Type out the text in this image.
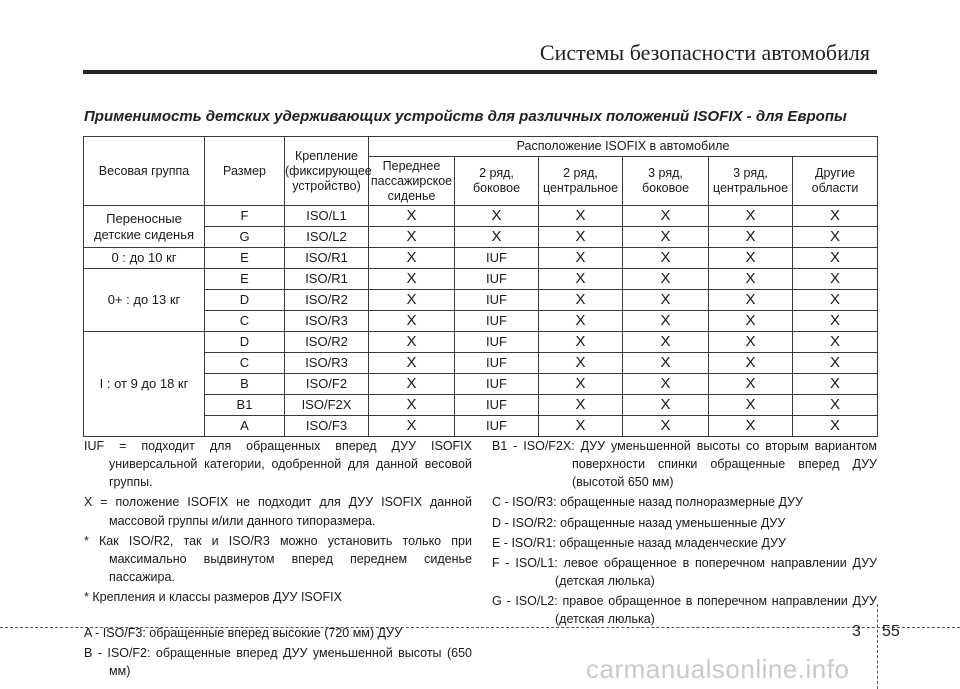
Системы безопасности автомобиля
Применимость детских удерживающих устройств для различных положений ISOFIX - для Европы
Весовая группа	Размер	Крепление (фиксирующее устройство)	Расположение ISOFIX в автомобиле					
			Переднее пассажирское сиденье	2 ряд, боковое	2 ряд, центральное	3 ряд, боковое	3 ряд, центральное	Другие области
Переносные детские сиденья	F	ISO/L1	X	X	X	X	X	X
	G	ISO/L2	X	X	X	X	X	X
0 : до 10 кг	E	ISO/R1	X	IUF	X	X	X	X
0+ : до 13 кг	E	ISO/R1	X	IUF	X	X	X	X
	D	ISO/R2	X	IUF	X	X	X	X
	C	ISO/R3	X	IUF	X	X	X	X
I : от 9 до 18 кг	D	ISO/R2	X	IUF	X	X	X	X
	C	ISO/R3	X	IUF	X	X	X	X
	B	ISO/F2	X	IUF	X	X	X	X
	B1	ISO/F2X	X	IUF	X	X	X	X
	A	ISO/F3	X	IUF	X	X	X	X

IUF = подходит для обращенных вперед ДУУ ISOFIX универсальной категории, одобренной для данной весовой группы.

X = положение ISOFIX не подходит для ДУУ ISOFIX данной массовой группы и/или данного типоразмера.

* Как ISO/R2, так и ISO/R3 можно установить только при максимально выдвинутом вперед переднем сиденье пассажира.

* Крепления и классы размеров ДУУ ISOFIX

A - ISO/F3: обращенные вперед высокие (720 мм) ДУУ

B - ISO/F2: обращенные вперед ДУУ уменьшенной высоты (650 мм)

B1 - ISO/F2X: ДУУ уменьшенной высоты со вторым вариантом поверхности спинки обращенные вперед ДУУ (высотой 650 мм)

C - ISO/R3: обращенные назад полноразмерные ДУУ

D - ISO/R2: обращенные назад уменьшенные ДУУ

E - ISO/R1: обращенные назад младенческие ДУУ

F - ISO/L1: левое обращенное в поперечном направлении ДУУ (детская люлька)

G - ISO/L2: правое обращенное в поперечном направлении ДУУ (детская люлька)

3 55
carmanualsonline.info
